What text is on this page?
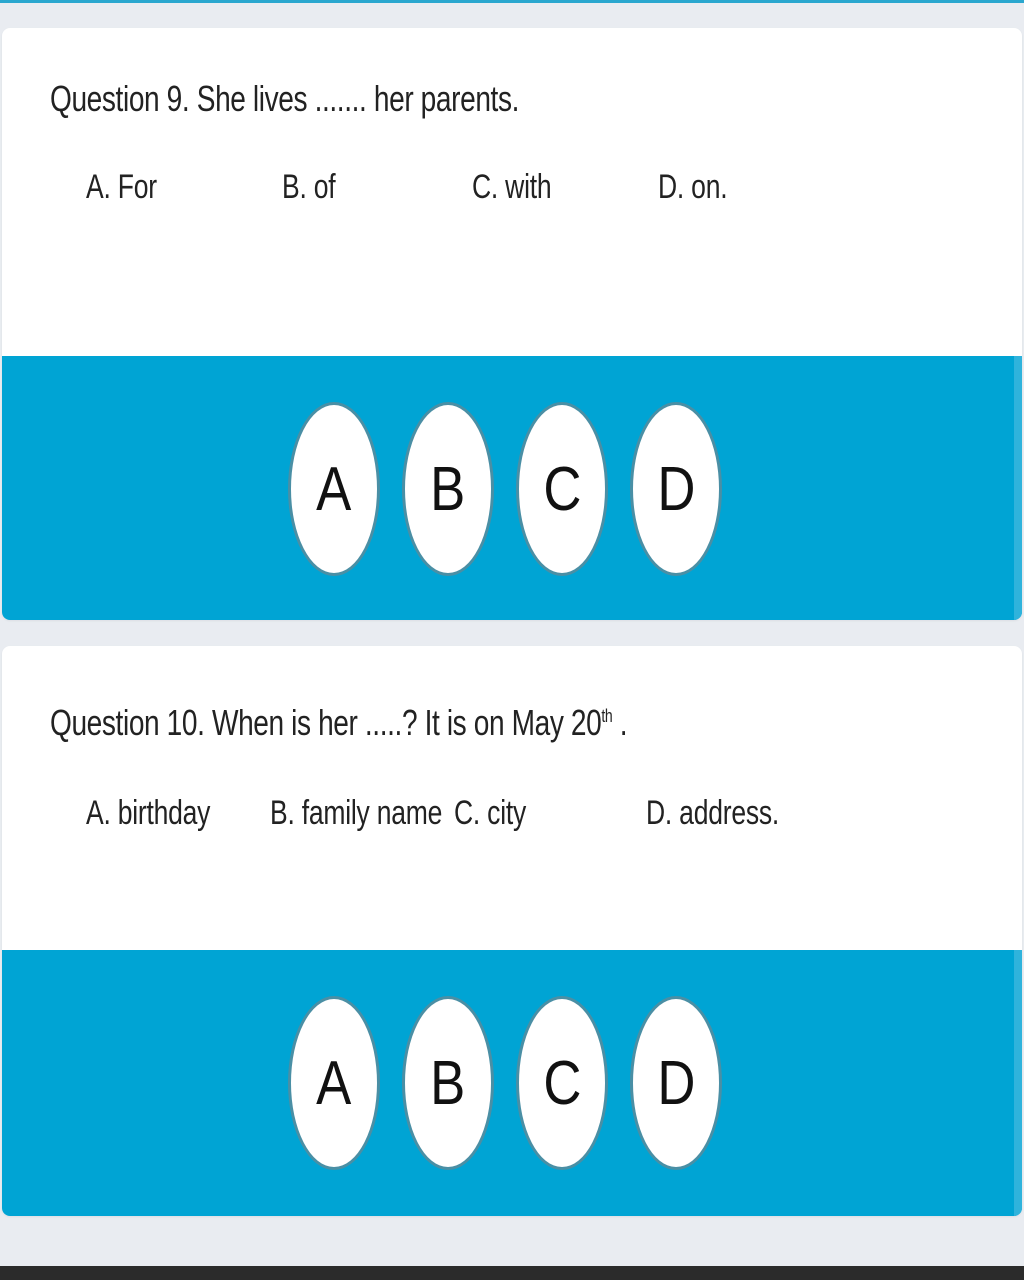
Question 9. She lives ....... her parents.

A. For	B. of	C. with	D. on.
A B C D

Question 10. When is her .....? It is on May 20th .

A. birthday B. family name C. city	D. address.
A B C D
